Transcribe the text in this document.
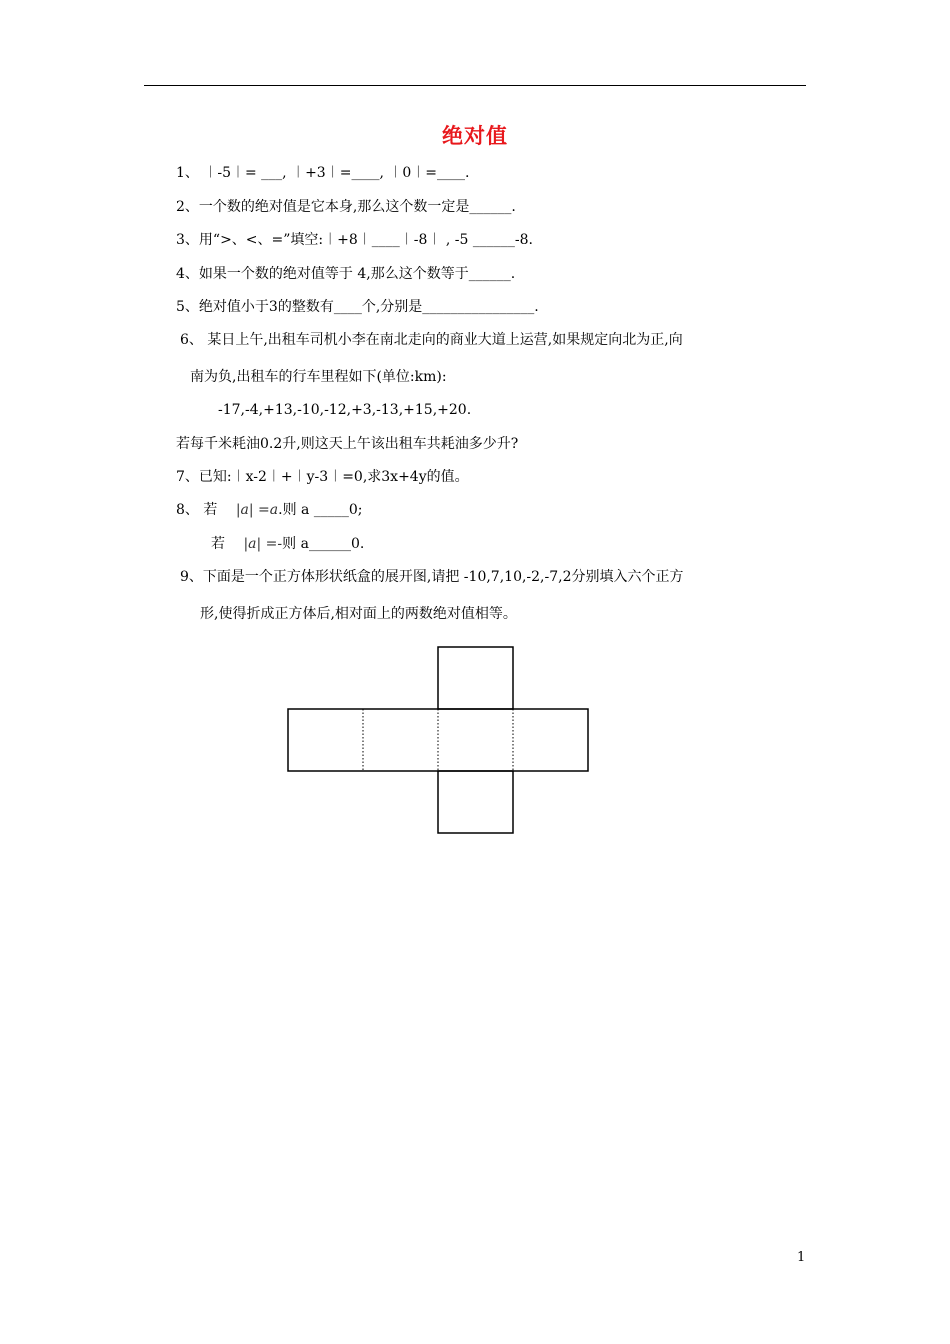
绝对值
1、 ︱-5︱= ___, ︱+3︱=____, ︱0︱=____.
2、一个数的绝对值是它本身,那么这个数一定是______.
3、用“>、<、=”填空:︱+8︱____︱-8︱ , -5 ______-8.
4、如果一个数的绝对值等于 4,那么这个数等于______.
5、绝对值小于3的整数有____个,分别是________________.
6、 某日上午,出租车司机小李在南北走向的商业大道上运营,如果规定向北为正,向
南为负,出租车的行车里程如下(单位:km):
-17,-4,+13,-10,-12,+3,-13,+15,+20.
若每千米耗油0.2升,则这天上午该出租车共耗油多少升?
7、已知:︱x-2︱+︱y-3︱=0,求3x+4y的值。
8、 若 |a| =a.则 a _____0;
若 |a| =-则 a______0.
9、下面是一个正方体形状纸盒的展开图,请把 -10,7,10,-2,-7,2分别填入六个正方
形,使得折成正方体后,相对面上的两数绝对值相等。
1
